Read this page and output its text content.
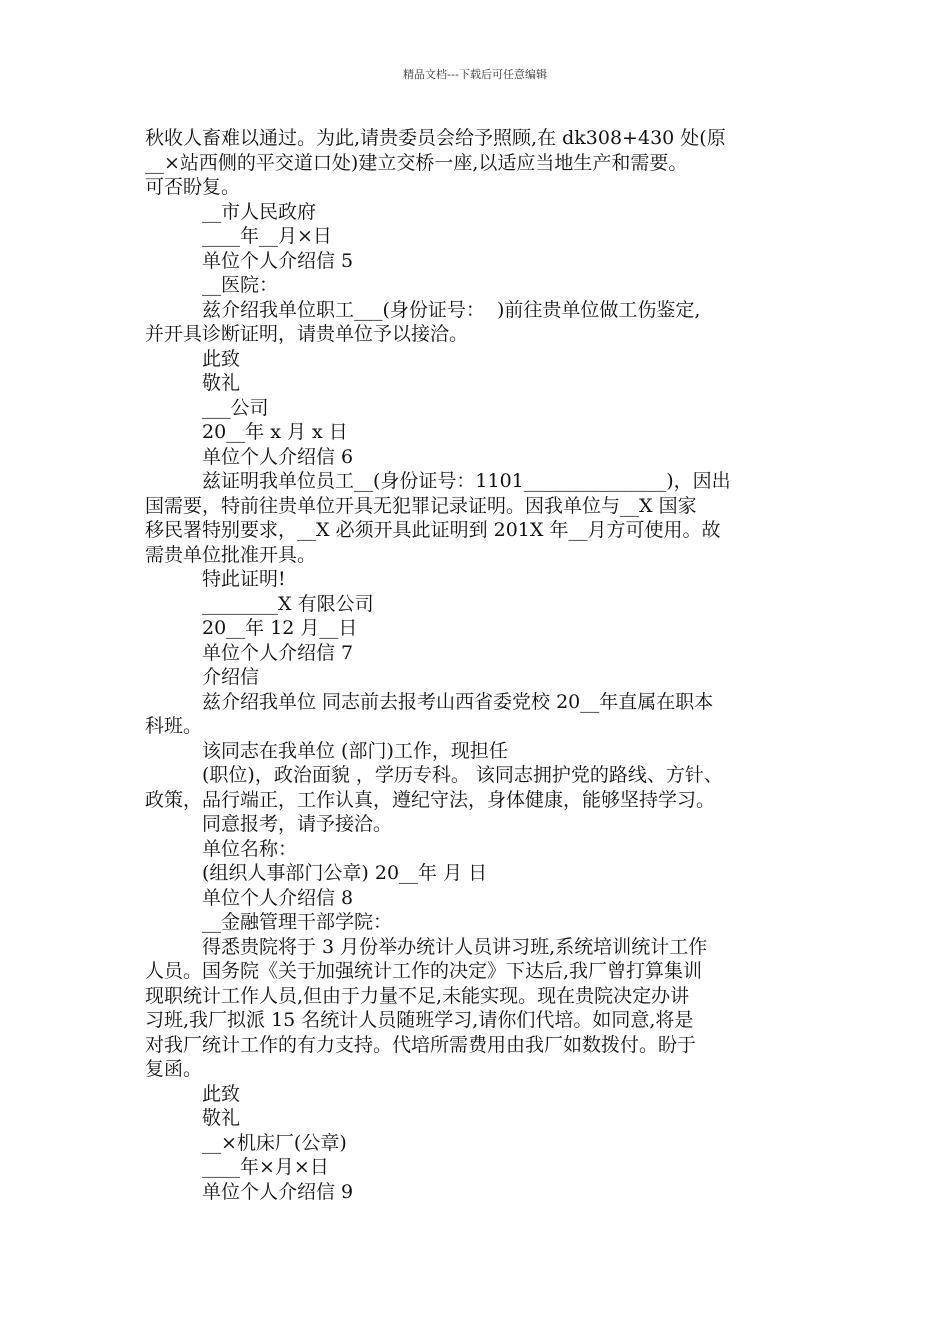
精品文档---下载后可任意编辑

秋收人畜难以通过。为此,请贵委员会给予照顾,在 dk308+430 处(原

__×站西侧的平交道口处)建立交桥一座,以适应当地生产和需要。

可否盼复。

__市人民政府

____年__月×日

单位个人介绍信 5

__医院：

兹介绍我单位职工___(身份证号：  )前往贵单位做工伤鉴定,

并开具诊断证明，请贵单位予以接洽。

此致

敬礼

___公司

20__年 x 月 x 日

单位个人介绍信 6

兹证明我单位员工__(身份证号：1101_______________)，因出

国需要，特前往贵单位开具无犯罪记录证明。因我单位与__X 国家

移民署特别要求，__X 必须开具此证明到 201X 年__月方可使用。故

需贵单位批准开具。

特此证明!

________X 有限公司

20__年 12 月__日

单位个人介绍信 7

介绍信

兹介绍我单位 同志前去报考山西省委党校 20__年直属在职本

科班。

该同志在我单位 (部门)工作，现担任

(职位)，政治面貌 ，学历专科。 该同志拥护党的路线、方针、

政策，品行端正，工作认真，遵纪守法，身体健康，能够坚持学习。

同意报考，请予接洽。

单位名称：

(组织人事部门公章) 20__年 月 日

单位个人介绍信 8

__金融管理干部学院：

得悉贵院将于 3 月份举办统计人员讲习班,系统培训统计工作

人员。国务院《关于加强统计工作的决定》下达后,我厂曾打算集训

现职统计工作人员,但由于力量不足,未能实现。现在贵院决定办讲

习班,我厂拟派 15 名统计人员随班学习,请你们代培。如同意,将是

对我厂统计工作的有力支持。代培所需费用由我厂如数拨付。盼于

复函。

此致

敬礼

__×机床厂(公章)

____年×月×日

单位个人介绍信 9
